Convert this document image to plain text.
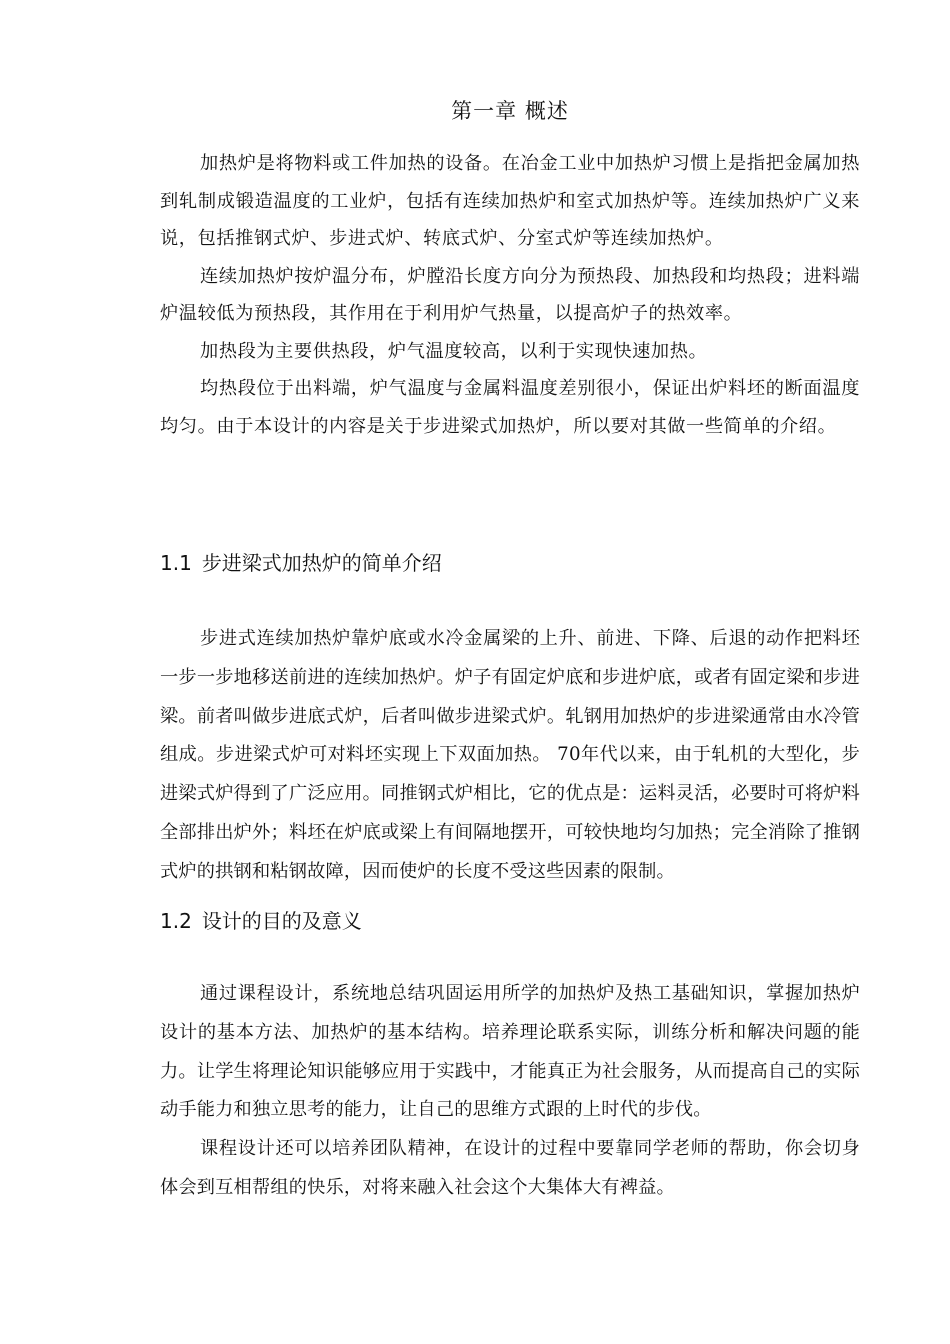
第一章 概述

加热炉是将物料或工件加热的设备。在冶金工业中加热炉习惯上是指把金属加热到轧制成锻造温度的工业炉，包括有连续加热炉和室式加热炉等。连续加热炉广义来说，包括推钢式炉、步进式炉、转底式炉、分室式炉等连续加热炉。

连续加热炉按炉温分布，炉膛沿长度方向分为预热段、加热段和均热段；进料端炉温较低为预热段，其作用在于利用炉气热量，以提高炉子的热效率。

加热段为主要供热段，炉气温度较高，以利于实现快速加热。

均热段位于出料端，炉气温度与金属料温度差别很小，保证出炉料坯的断面温度均匀。由于本设计的内容是关于步进梁式加热炉，所以要对其做一些简单的介绍。

1.1 步进梁式加热炉的简单介绍

步进式连续加热炉靠炉底或水冷金属梁的上升、前进、下降、后退的动作把料坯一步一步地移送前进的连续加热炉。炉子有固定炉底和步进炉底，或者有固定梁和步进梁。前者叫做步进底式炉，后者叫做步进梁式炉。轧钢用加热炉的步进梁通常由水冷管组成。步进梁式炉可对料坯实现上下双面加热。 70年代以来，由于轧机的大型化，步进梁式炉得到了广泛应用。同推钢式炉相比，它的优点是：运料灵活，必要时可将炉料全部排出炉外；料坯在炉底或梁上有间隔地摆开，可较快地均匀加热；完全消除了推钢式炉的拱钢和粘钢故障，因而使炉的长度不受这些因素的限制。

1.2 设计的目的及意义

通过课程设计，系统地总结巩固运用所学的加热炉及热工基础知识，掌握加热炉设计的基本方法、加热炉的基本结构。培养理论联系实际，训练分析和解决问题的能力。让学生将理论知识能够应用于实践中，才能真正为社会服务，从而提高自己的实际动手能力和独立思考的能力，让自己的思维方式跟的上时代的步伐。

课程设计还可以培养团队精神，在设计的过程中要靠同学老师的帮助，你会切身体会到互相帮组的快乐，对将来融入社会这个大集体大有裨益。
